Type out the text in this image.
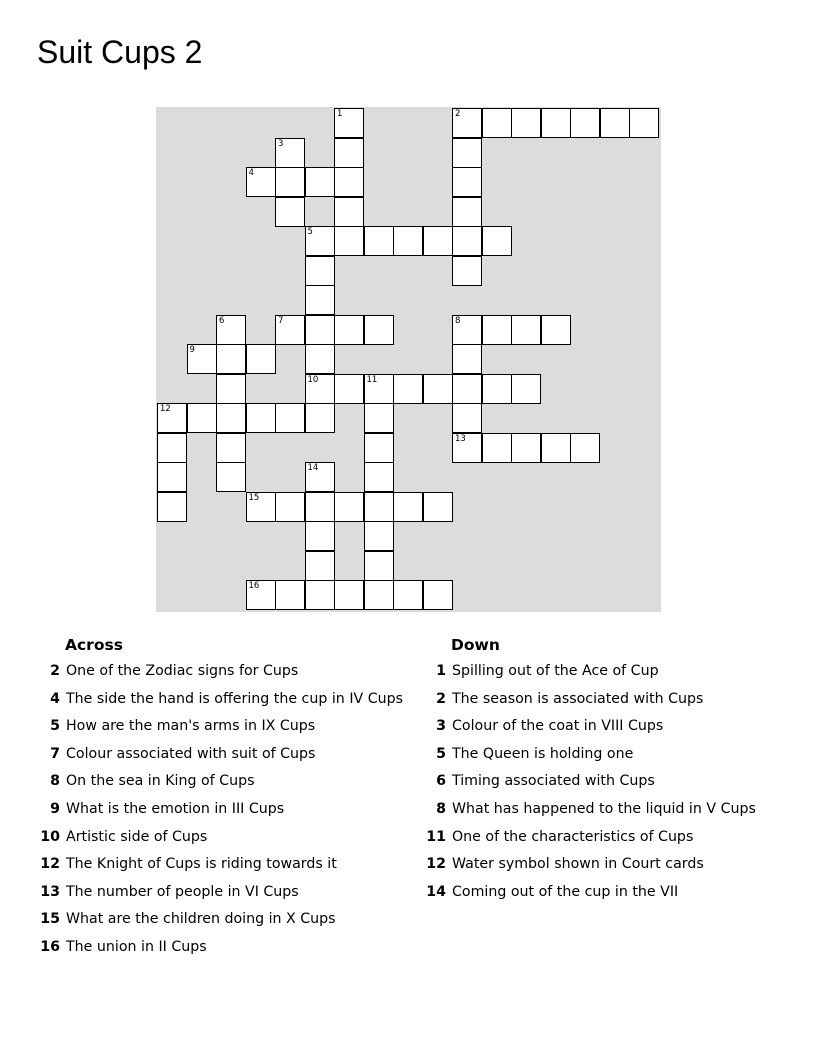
Suit Cups 2
1	2
3
4
5
6	7	8
9
10	11
12
13
14
15
16
Across
2 One of the Zodiac signs for Cups
4 The side the hand is offering the cup in IV Cups
5 How are the man's arms in IX Cups
7 Colour associated with suit of Cups
8 On the sea in King of Cups
9 What is the emotion in III Cups
10 Artistic side of Cups
12 The Knight of Cups is riding towards it
13 The number of people in VI Cups
15 What are the children doing in X Cups
16 The union in II Cups
Down
1 Spilling out of the Ace of Cup
2 The season is associated with Cups
3 Colour of the coat in VIII Cups
5 The Queen is holding one
6 Timing associated with Cups
8 What has happened to the liquid in V Cups
11 One of the characteristics of Cups
12 Water symbol shown in Court cards
14 Coming out of the cup in the VII
